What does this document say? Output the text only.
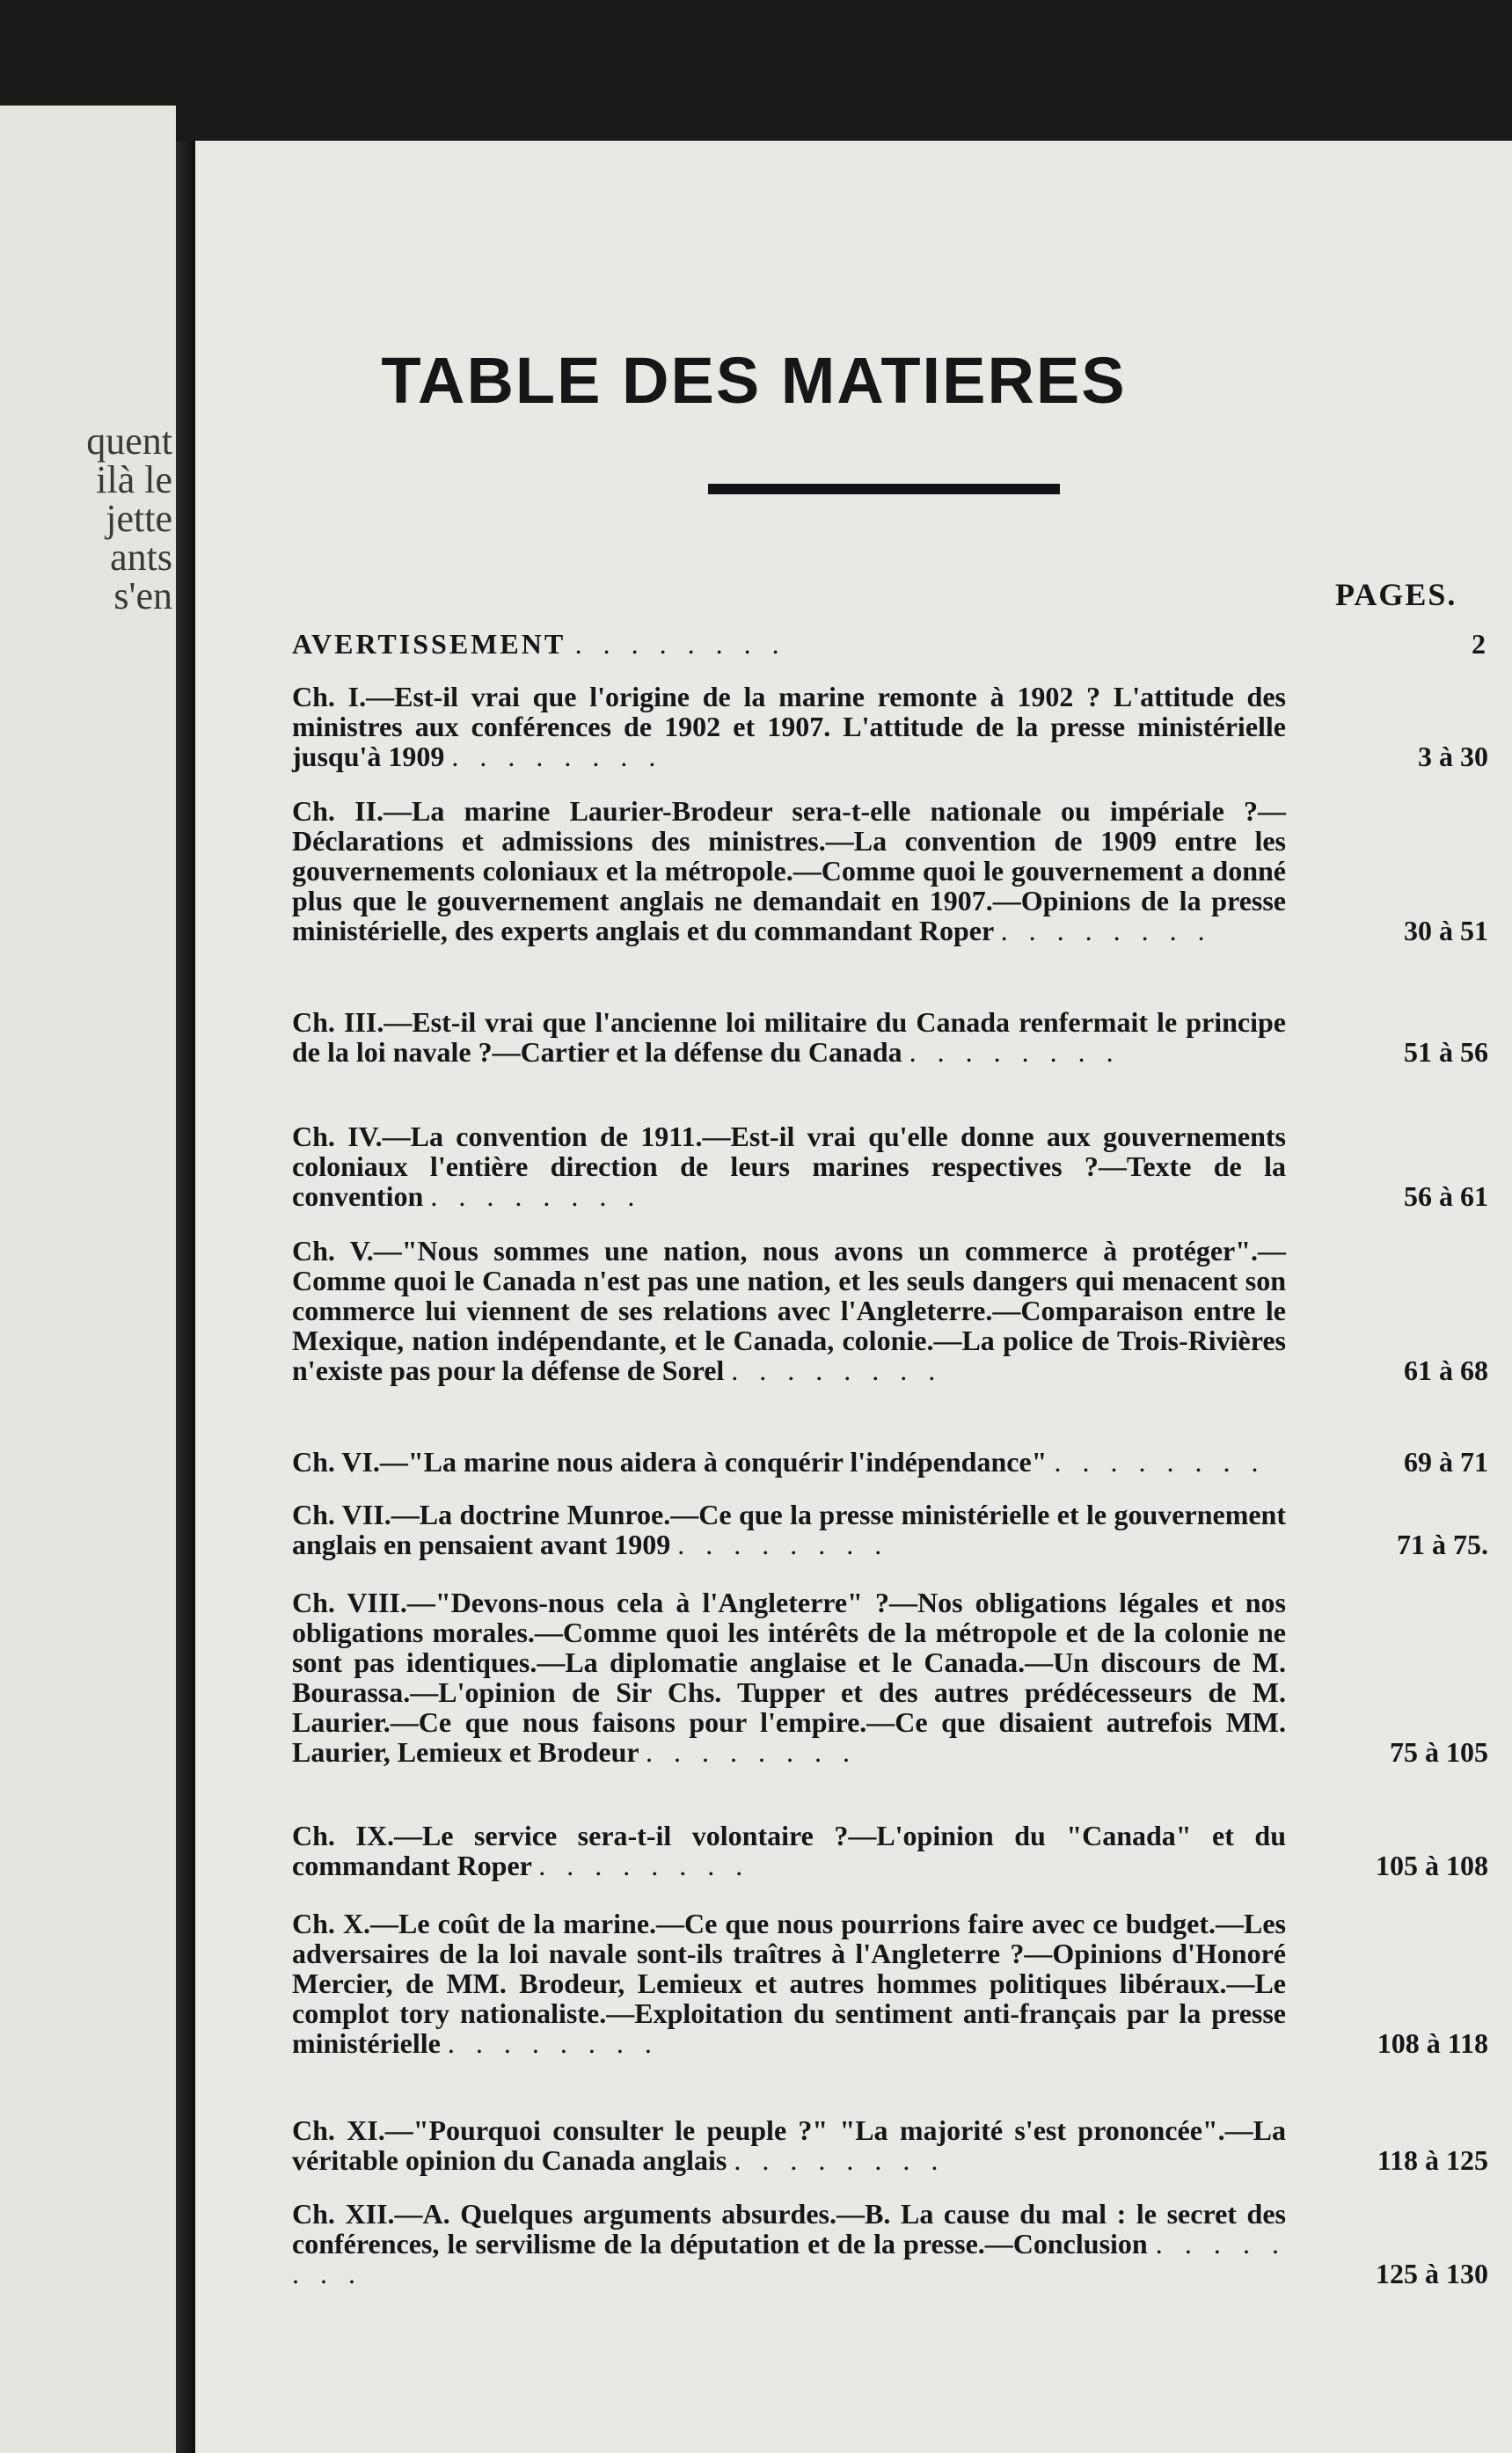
quent
ilà le
jette
ants
s'en
TABLE DES MATIERES
PAGES.
AVERTISSEMENT . . . . . . . .	2
Ch. I.—Est-il vrai que l'origine de la marine remonte à 1902 ? L'attitude des ministres aux conférences de 1902 et 1907. L'attitude de la presse ministérielle jusqu'à 1909 . . . . . . . .	3 à 30
Ch. II.—La marine Laurier-Brodeur sera-t-elle nationale ou impériale ?—Déclarations et admissions des ministres.—La convention de 1909 entre les gouvernements coloniaux et la métropole.—Comme quoi le gouvernement a donné plus que le gouvernement anglais ne demandait en 1907.—Opinions de la presse ministérielle, des experts anglais et du commandant Roper . . . . . . . .	30 à 51
Ch. III.—Est-il vrai que l'ancienne loi militaire du Canada renfermait le principe de la loi navale ?—Cartier et la défense du Canada . . . . . . . .	51 à 56
Ch. IV.—La convention de 1911.—Est-il vrai qu'elle donne aux gouvernements coloniaux l'entière direction de leurs marines respectives ?—Texte de la convention . . . . . . . .	56 à 61
Ch. V.—"Nous sommes une nation, nous avons un commerce à protéger".—Comme quoi le Canada n'est pas une nation, et les seuls dangers qui menacent son commerce lui viennent de ses relations avec l'Angleterre.—Comparaison entre le Mexique, nation indépendante, et le Canada, colonie.—La police de Trois-Rivières n'existe pas pour la défense de Sorel . . . . . . . .	61 à 68
Ch. VI.—"La marine nous aidera à conquérir l'indépendance" . . . . . . . .	69 à 71
Ch. VII.—La doctrine Munroe.—Ce que la presse ministérielle et le gouvernement anglais en pensaient avant 1909 . . . . . . . .	71 à 75.
Ch. VIII.—"Devons-nous cela à l'Angleterre" ?—Nos obligations légales et nos obligations morales.—Comme quoi les intérêts de la métropole et de la colonie ne sont pas identiques.—La diplomatie anglaise et le Canada.—Un discours de M. Bourassa.—L'opinion de Sir Chs. Tupper et des autres prédécesseurs de M. Laurier.—Ce que nous faisons pour l'empire.—Ce que disaient autrefois MM. Laurier, Lemieux et Brodeur . . . . . . . .	75 à 105
Ch. IX.—Le service sera-t-il volontaire ?—L'opinion du "Canada" et du commandant Roper . . . . . . . .	105 à 108
Ch. X.—Le coût de la marine.—Ce que nous pourrions faire avec ce budget.—Les adversaires de la loi navale sont-ils traîtres à l'Angleterre ?—Opinions d'Honoré Mercier, de MM. Brodeur, Lemieux et autres hommes politiques libéraux.—Le complot tory nationaliste.—Exploitation du sentiment anti-français par la presse ministérielle . . . . . . . .	108 à 118
Ch. XI.—"Pourquoi consulter le peuple ?" "La majorité s'est prononcée".—La véritable opinion du Canada anglais . . . . . . . .	118 à 125
Ch. XII.—A. Quelques arguments absurdes.—B. La cause du mal : le secret des conférences, le servilisme de la députation et de la presse.—Conclusion . . . . . . . .	125 à 130
